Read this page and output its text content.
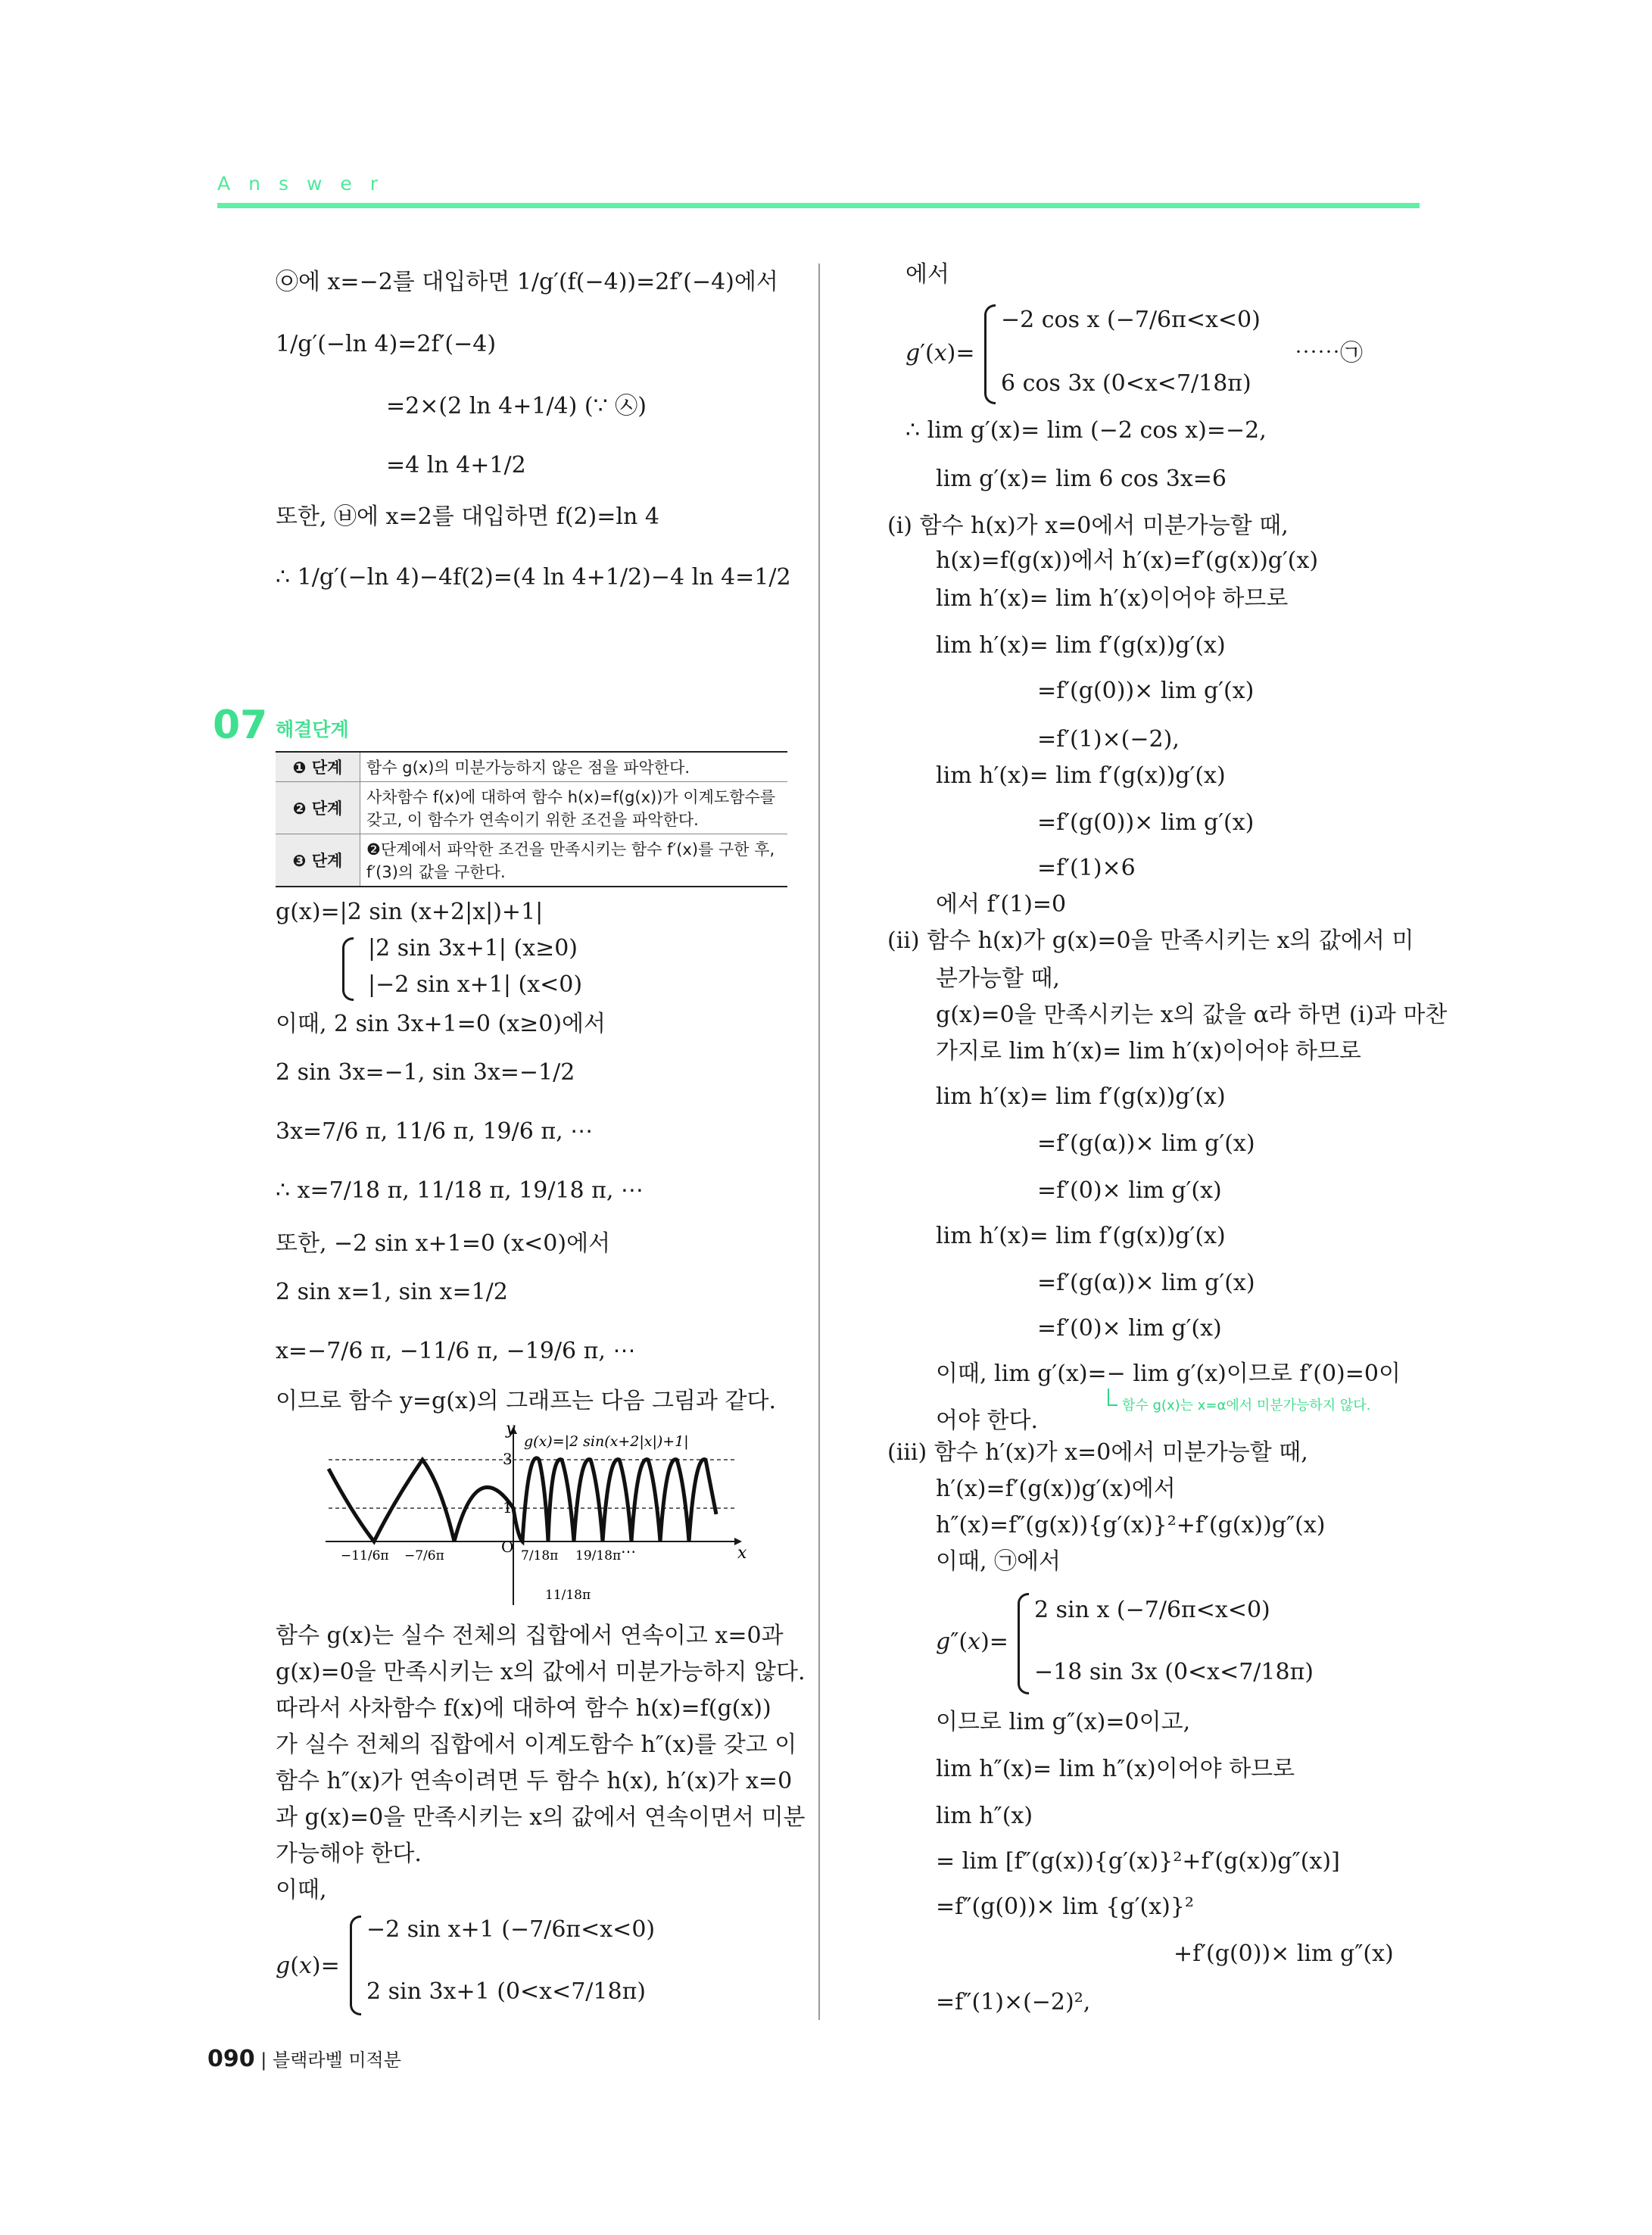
Answer
㉧에 x=−2를 대입하면 1/g′(f(−4))=2f′(−4)에서
1/g′(−ln 4)=2f′(−4)
=2×(2 ln 4+1/4) (∵ ㉦)
=4 ln 4+1/2
또한, ㉥에 x=2를 대입하면 f(2)=ln 4
∴ 1/g′(−ln 4)−4f(2)=(4 ln 4+1/2)−4 ln 4=1/2
07 해결단계
❶ 단계	함수 g(x)의 미분가능하지 않은 점을 파악한다.
❷ 단계	사차함수 f(x)에 대하여 함수 h(x)=f(g(x))가 이계도함수를 갖고, 이 함수가 연속이기 위한 조건을 파악한다.
❸ 단계	❷단계에서 파악한 조건을 만족시키는 함수 f′(x)를 구한 후, f′(3)의 값을 구한다.
g(x)=|2 sin (x+2|x|)+1|
|2 sin 3x+1| (x≥0)
|−2 sin x+1| (x<0)
이때, 2 sin 3x+1=0 (x≥0)에서
2 sin 3x=−1, sin 3x=−1/2
3x=7/6 π, 11/6 π, 19/6 π, ⋯
∴ x=7/18 π, 11/18 π, 19/18 π, ⋯
또한, −2 sin x+1=0 (x<0)에서
2 sin x=1, sin x=1/2
x=−7/6 π, −11/6 π, −19/6 π, ⋯
이므로 함수 y=g(x)의 그래프는 다음 그림과 같다.
y
x
O
3
1
g(x)=|2 sin(x+2|x|)+1|
−11/6π −7/6π	7/18π
11/18π
19/18π ⋯
함수 g(x)는 실수 전체의 집합에서 연속이고 x=0과
g(x)=0을 만족시키는 x의 값에서 미분가능하지 않다.
따라서 사차함수 f(x)에 대하여 함수 h(x)=f(g(x))
가 실수 전체의 집합에서 이계도함수 h″(x)를 갖고 이
함수 h″(x)가 연속이려면 두 함수 h(x), h′(x)가 x=0
과 g(x)=0을 만족시키는 x의 값에서 연속이면서 미분
가능해야 한다.
이때,
g(x)=
−2 sin x+1 (−7/6π<x<0)
2 sin 3x+1 (0<x<7/18π)
에서
g′(x)=
−2 cos x (−7/6π<x<0)
6 cos 3x (0<x<7/18π)
⋯⋯㉠
∴ lim g′(x)= lim (−2 cos x)=−2,
lim g′(x)= lim 6 cos 3x=6
(i) 함수 h(x)가 x=0에서 미분가능할 때,
h(x)=f(g(x))에서 h′(x)=f′(g(x))g′(x)
lim h′(x)= lim h′(x)이어야 하므로
lim h′(x)= lim f′(g(x))g′(x)
=f′(g(0))× lim g′(x)
=f′(1)×(−2),
lim h′(x)= lim f′(g(x))g′(x)
=f′(g(0))× lim g′(x)
=f′(1)×6
에서 f′(1)=0
(ii) 함수 h(x)가 g(x)=0을 만족시키는 x의 값에서 미
분가능할 때,
g(x)=0을 만족시키는 x의 값을 α라 하면 (i)과 마찬
가지로 lim h′(x)= lim h′(x)이어야 하므로
lim h′(x)= lim f′(g(x))g′(x)
=f′(g(α))× lim g′(x)
=f′(0)× lim g′(x)
lim h′(x)= lim f′(g(x))g′(x)
=f′(g(α))× lim g′(x)
=f′(0)× lim g′(x)
이때, lim g′(x)=− lim g′(x)이므로 f′(0)=0이
어야 한다.
함수 g(x)는 x=α에서 미분가능하지 않다.
(iii) 함수 h′(x)가 x=0에서 미분가능할 때,
h′(x)=f′(g(x))g′(x)에서
h″(x)=f″(g(x)){g′(x)}²+f′(g(x))g″(x)
이때, ㉠에서
g″(x)=
2 sin x (−7/6π<x<0)
−18 sin 3x (0<x<7/18π)
이므로 lim g″(x)=0이고,
lim h″(x)= lim h″(x)이어야 하므로
lim h″(x)
= lim [f″(g(x)){g′(x)}²+f′(g(x))g″(x)]
=f″(g(0))× lim {g′(x)}²
+f′(g(0))× lim g″(x)
=f″(1)×(−2)²,
090 | 블랙라벨 미적분
